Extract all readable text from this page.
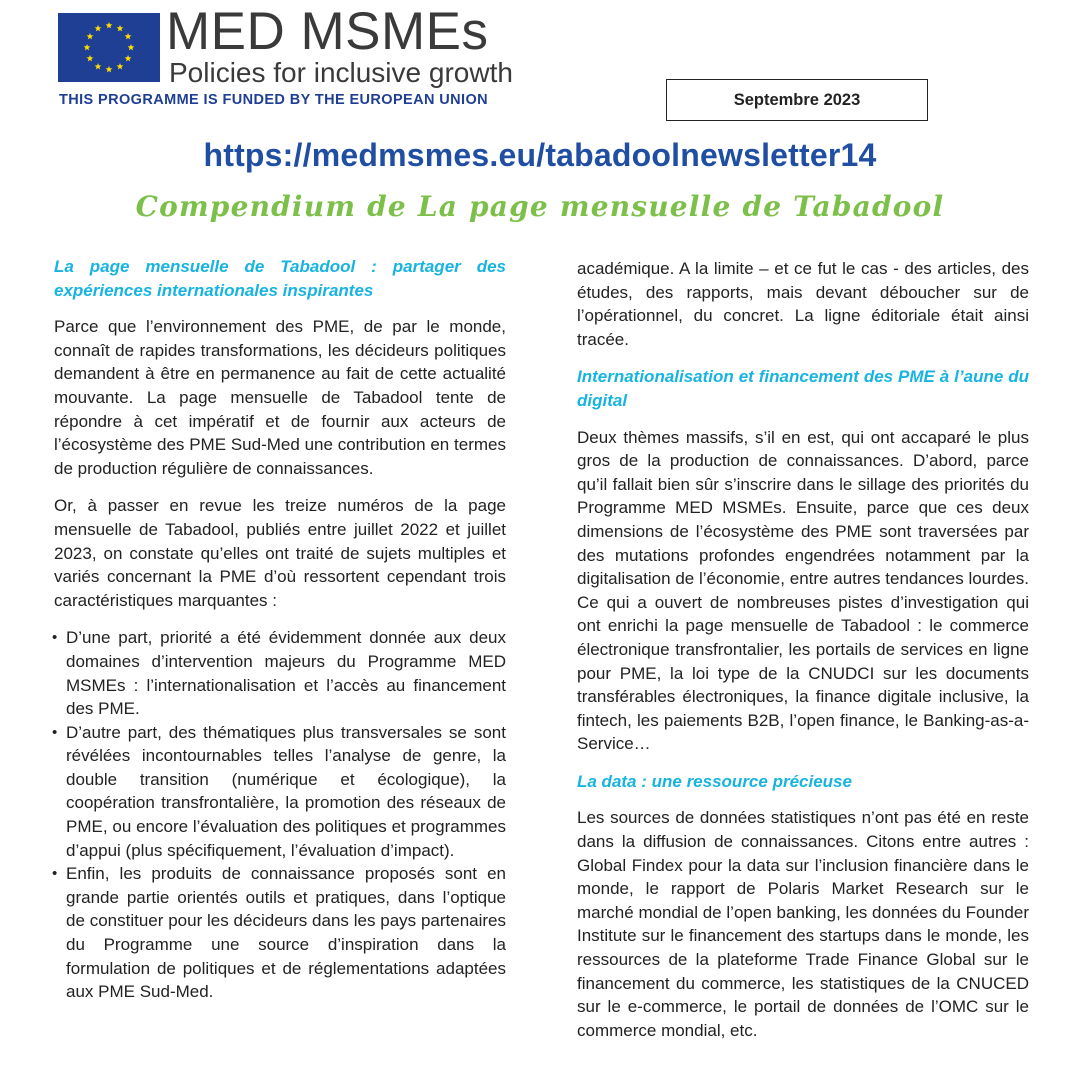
MED MSMEs
Policies for inclusive growth
THIS PROGRAMME IS FUNDED BY THE EUROPEAN UNION	Septembre 2023
https://medmsmes.eu/tabadoolnewsletter14
Compendium de La page mensuelle de Tabadool
La page mensuelle de Tabadool : partager des expériences internationales inspirantes

Parce que l’environnement des PME, de par le monde, connaît de rapides transformations, les décideurs politiques demandent à être en permanence au fait de cette actualité mouvante. La page mensuelle de Tabadool tente de répondre à cet impératif et de fournir aux acteurs de l’écosystème des PME Sud-Med une contribution en termes de production régulière de connaissances.

Or, à passer en revue les treize numéros de la page mensuelle de Tabadool, publiés entre juillet 2022 et juillet 2023, on constate qu’elles ont traité de sujets multiples et variés concernant la PME d’où ressortent cependant trois caractéristiques marquantes :

• D’une part, priorité a été évidemment donnée aux deux domaines d’intervention majeurs du Programme MED MSMEs : l’internationalisation et l’accès au financement des PME.
• D’autre part, des thématiques plus transversales se sont révélées incontournables telles l’analyse de genre, la double transition (numérique et écologique), la coopération transfrontalière, la promotion des réseaux de PME, ou encore l’évaluation des politiques et programmes d’appui (plus spécifiquement, l’évaluation d’impact).
• Enfin, les produits de connaissance proposés sont en grande partie orientés outils et pratiques, dans l’optique de constituer pour les décideurs dans les pays partenaires du Programme une source d’inspiration dans la formulation de politiques et de réglementations adaptées aux PME Sud-Med.

académique. A la limite – et ce fut le cas - des articles, des études, des rapports, mais devant déboucher sur de l’opérationnel, du concret. La ligne éditoriale était ainsi tracée.

Internationalisation et financement des PME à l’aune du digital

Deux thèmes massifs, s’il en est, qui ont accaparé le plus gros de la production de connaissances. D’abord, parce qu’il fallait bien sûr s’inscrire dans le sillage des priorités du Programme MED MSMEs. Ensuite, parce que ces deux dimensions de l’écosystème des PME sont traversées par des mutations profondes engendrées notamment par la digitalisation de l’économie, entre autres tendances lourdes. Ce qui a ouvert de nombreuses pistes d’investigation qui ont enrichi la page mensuelle de Tabadool : le commerce électronique transfrontalier, les portails de services en ligne pour PME, la loi type de la CNUDCI sur les documents transférables électroniques, la finance digitale inclusive, la fintech, les paiements B2B, l’open finance, le Banking-as-a-Service…

La data : une ressource précieuse

Les sources de données statistiques n’ont pas été en reste dans la diffusion de connaissances. Citons entre autres : Global Findex pour la data sur l’inclusion financière dans le monde, le rapport de Polaris Market Research sur le marché mondial de l’open banking, les données du Founder Institute sur le financement des startups dans le monde, les ressources de la plateforme Trade Finance Global sur le financement du commerce, les statistiques de la CNUCED sur le e-commerce, le portail de données de l’OMC sur le commerce mondial, etc.
